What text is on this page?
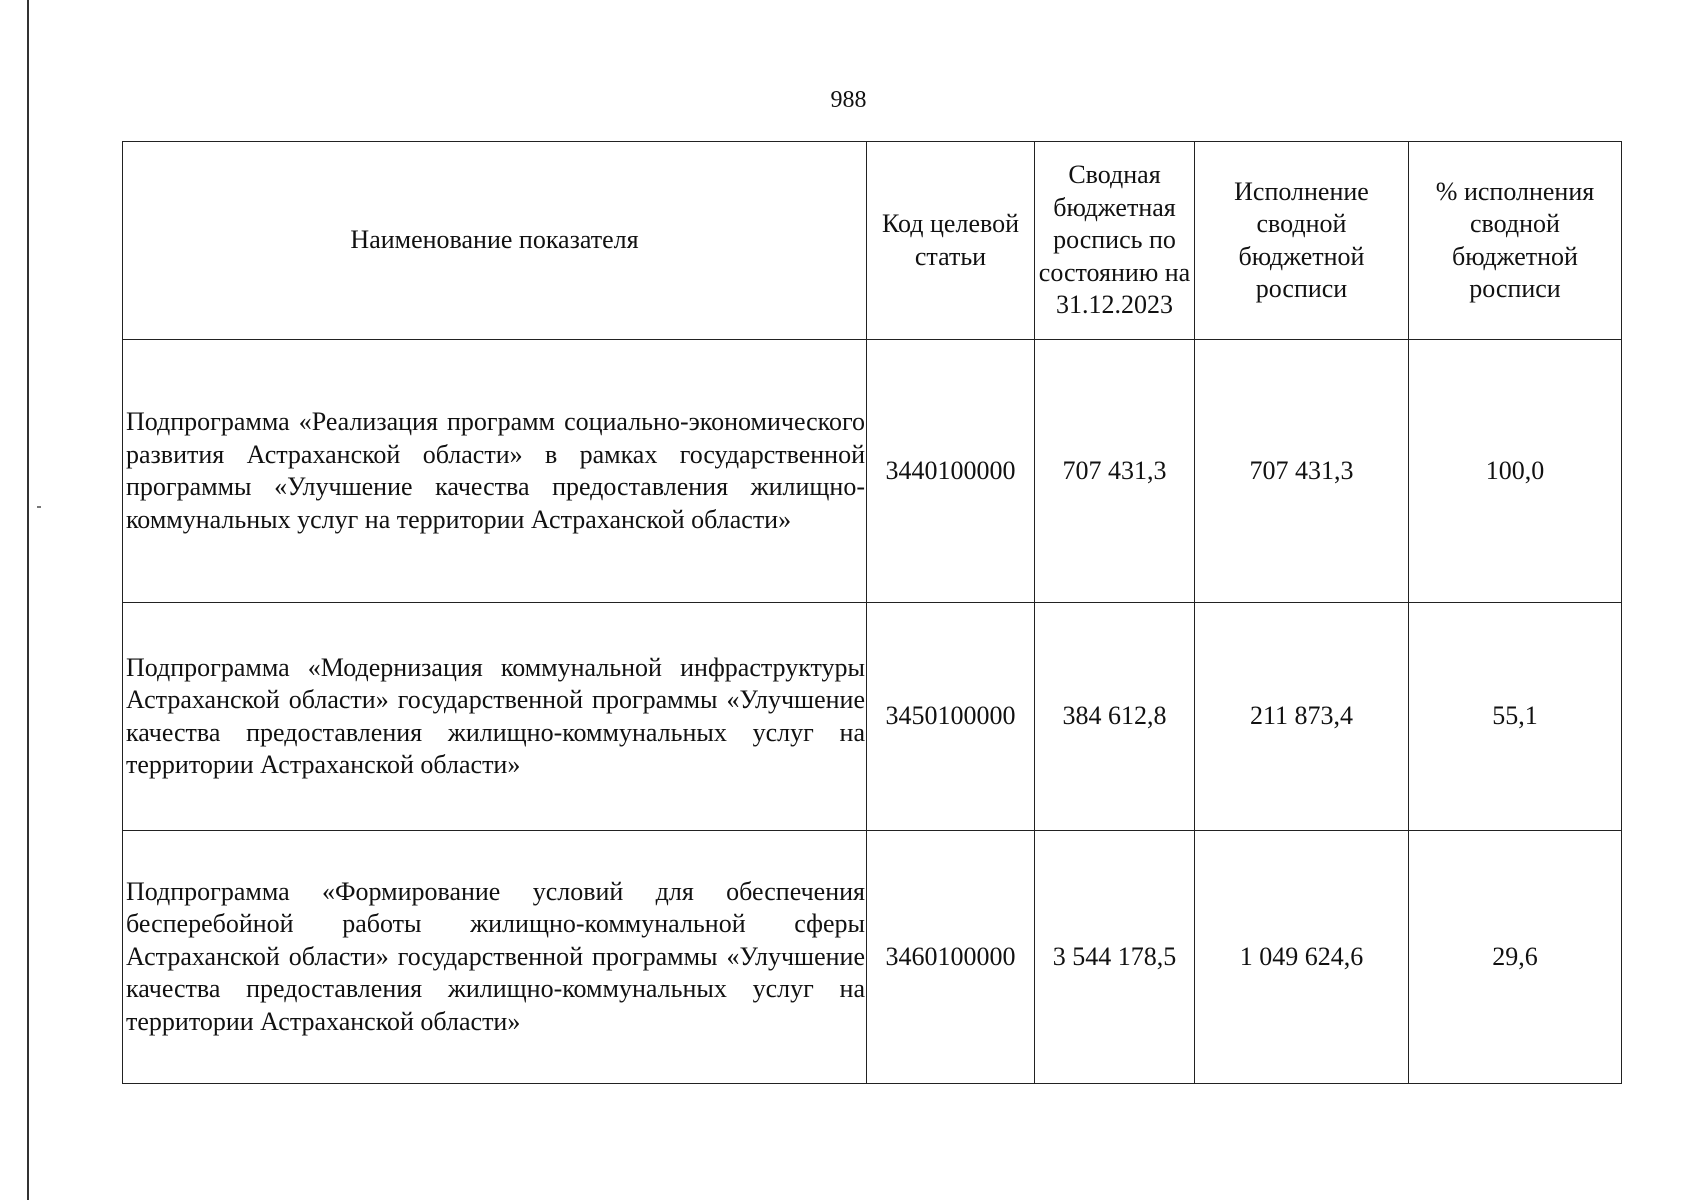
988
Наименование показателя	Код целевой статьи	Сводная бюджетная роспись по состоянию на 31.12.2023	Исполнение сводной бюджетной росписи	% исполнения сводной бюджетной росписи
Подпрограмма «Реализация программ социально-экономического развития Астраханской области» в рамках государственной программы «Улучшение качества предоставления жилищно-коммунальных услуг на территории Астраханской области»	3440100000	707 431,3	707 431,3	100,0
Подпрограмма «Модернизация коммунальной инфраструктуры Астраханской области» государственной программы «Улучшение качества предоставления жилищно-коммунальных услуг на территории Астраханской области»	3450100000	384 612,8	211 873,4	55,1
Подпрограмма «Формирование условий для обеспечения бесперебойной работы жилищно-коммунальной сферы Астраханской области» государственной программы «Улучшение качества предоставления жилищно-коммунальных услуг на территории Астраханской области»	3460100000	3 544 178,5	1 049 624,6	29,6
